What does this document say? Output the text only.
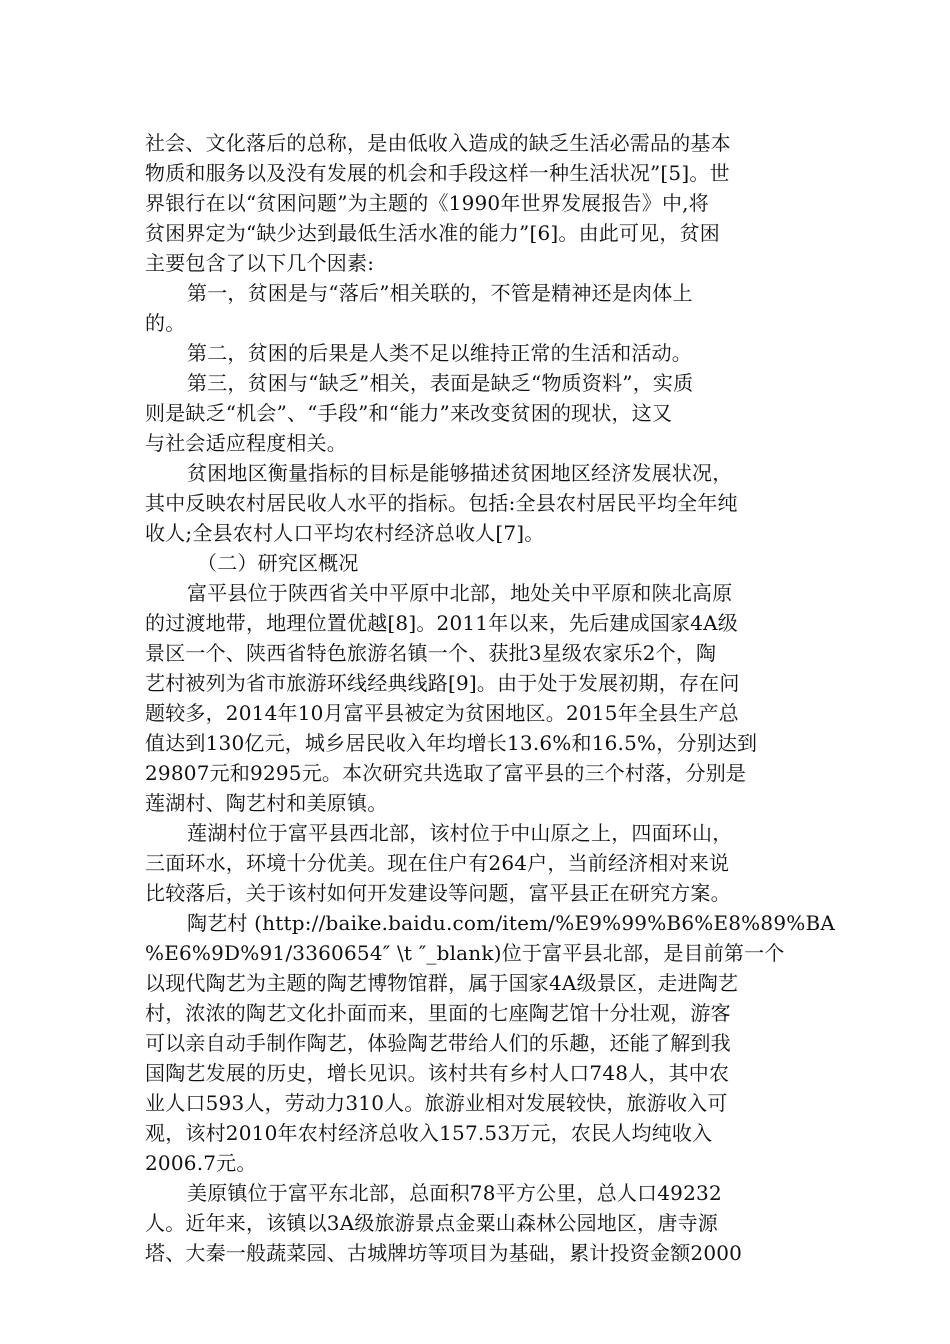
社会、文化落后的总称，是由低收入造成的缺乏生活必需品的基本
物质和服务以及没有发展的机会和手段这样一种生活状况”[5]。世
界银行在以“贫困问题”为主题的《1990年世界发展报告》中,将
贫困界定为“缺少达到最低生活水准的能力”[6]。由此可见，贫困
主要包含了以下几个因素:
第一，贫困是与“落后”相关联的，不管是精神还是肉体上
的。
第二，贫困的后果是人类不足以维持正常的生活和活动。
第三，贫困与“缺乏”相关，表面是缺乏“物质资料”，实质
则是缺乏“机会”、“手段”和“能力”来改变贫困的现状，这又
与社会适应程度相关。
贫困地区衡量指标的目标是能够描述贫困地区经济发展状况，
其中反映农村居民收人水平的指标。包括:全县农村居民平均全年纯
收人;全县农村人口平均农村经济总收人[7]。
（二）研究区概况
富平县位于陕西省关中平原中北部，地处关中平原和陕北高原
的过渡地带，地理位置优越[8]。2011年以来，先后建成国家4A级
景区一个、陕西省特色旅游名镇一个、获批3星级农家乐2个，陶
艺村被列为省市旅游环线经典线路[9]。由于处于发展初期，存在问
题较多，2014年10月富平县被定为贫困地区。2015年全县生产总
值达到130亿元，城乡居民收入年均增长13.6%和16.5%，分别达到
29807元和9295元。本次研究共选取了富平县的三个村落，分别是
莲湖村、陶艺村和美原镇。
莲湖村位于富平县西北部，该村位于中山原之上，四面环山，
三面环水，环境十分优美。现在住户有264户，当前经济相对来说
比较落后，关于该村如何开发建设等问题，富平县正在研究方案。
陶艺村 (http://baike.baidu.com/item/%E9%99%B6%E8%89%BA
%E6%9D%91/3360654″ \t ″_blank)位于富平县北部，是目前第一个
以现代陶艺为主题的陶艺博物馆群，属于国家4A级景区，走进陶艺
村，浓浓的陶艺文化扑面而来，里面的七座陶艺馆十分壮观，游客
可以亲自动手制作陶艺，体验陶艺带给人们的乐趣，还能了解到我
国陶艺发展的历史，增长见识。该村共有乡村人口748人，其中农
业人口593人，劳动力310人。旅游业相对发展较快，旅游收入可
观，该村2010年农村经济总收入157.53万元，农民人均纯收入
2006.7元。
美原镇位于富平东北部，总面积78平方公里，总人口49232
人。近年来，该镇以3A级旅游景点金粟山森林公园地区，唐寺源
塔、大秦一般蔬菜园、古城牌坊等项目为基础，累计投资金额2000
